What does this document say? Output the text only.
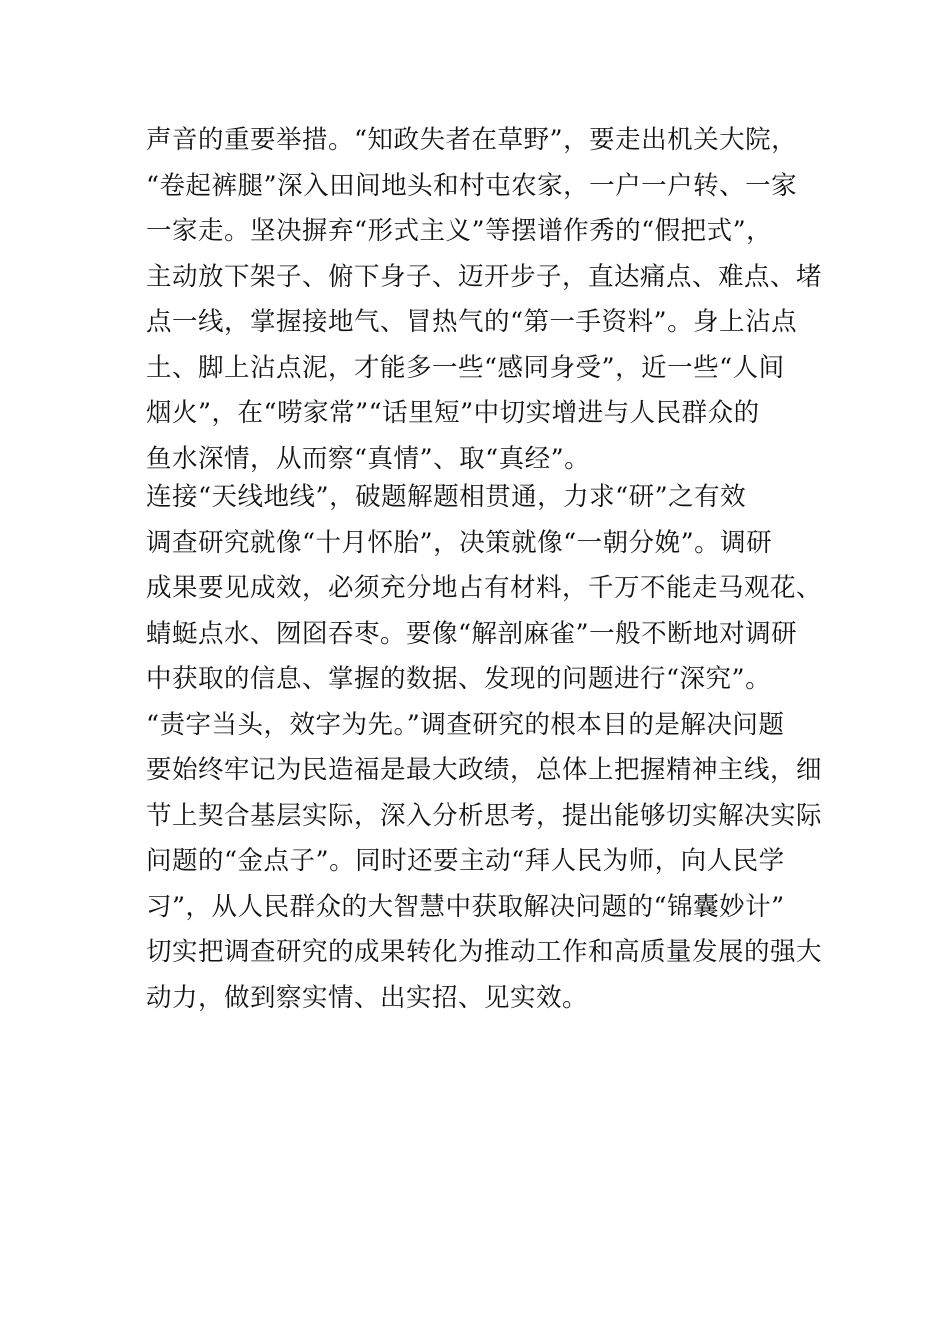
声音的重要举措。“知政失者在草野”，要走出机关大院，
“卷起裤腿”深入田间地头和村屯农家，一户一户转、一家
一家走。坚决摒弃“形式主义”等摆谱作秀的“假把式”，
主动放下架子、俯下身子、迈开步子，直达痛点、难点、堵
点一线，掌握接地气、冒热气的“第一手资料”。身上沾点
土、脚上沾点泥，才能多一些“感同身受”，近一些“人间
烟火”，在“唠家常”“话里短”中切实增进与人民群众的
鱼水深情，从而察“真情”、取“真经”。
连接“天线地线”，破题解题相贯通，力求“研”之有效
调查研究就像“十月怀胎”，决策就像“一朝分娩”。调研
成果要见成效，必须充分地占有材料，千万不能走马观花、
蜻蜓点水、囫囵吞枣。要像“解剖麻雀”一般不断地对调研
中获取的信息、掌握的数据、发现的问题进行“深究”。
“责字当头，效字为先。”调查研究的根本目的是解决问题
要始终牢记为民造福是最大政绩，总体上把握精神主线，细
节上契合基层实际，深入分析思考，提出能够切实解决实际
问题的“金点子”。同时还要主动“拜人民为师，向人民学
习”，从人民群众的大智慧中获取解决问题的“锦囊妙计”
切实把调查研究的成果转化为推动工作和高质量发展的强大
动力，做到察实情、出实招、见实效。
